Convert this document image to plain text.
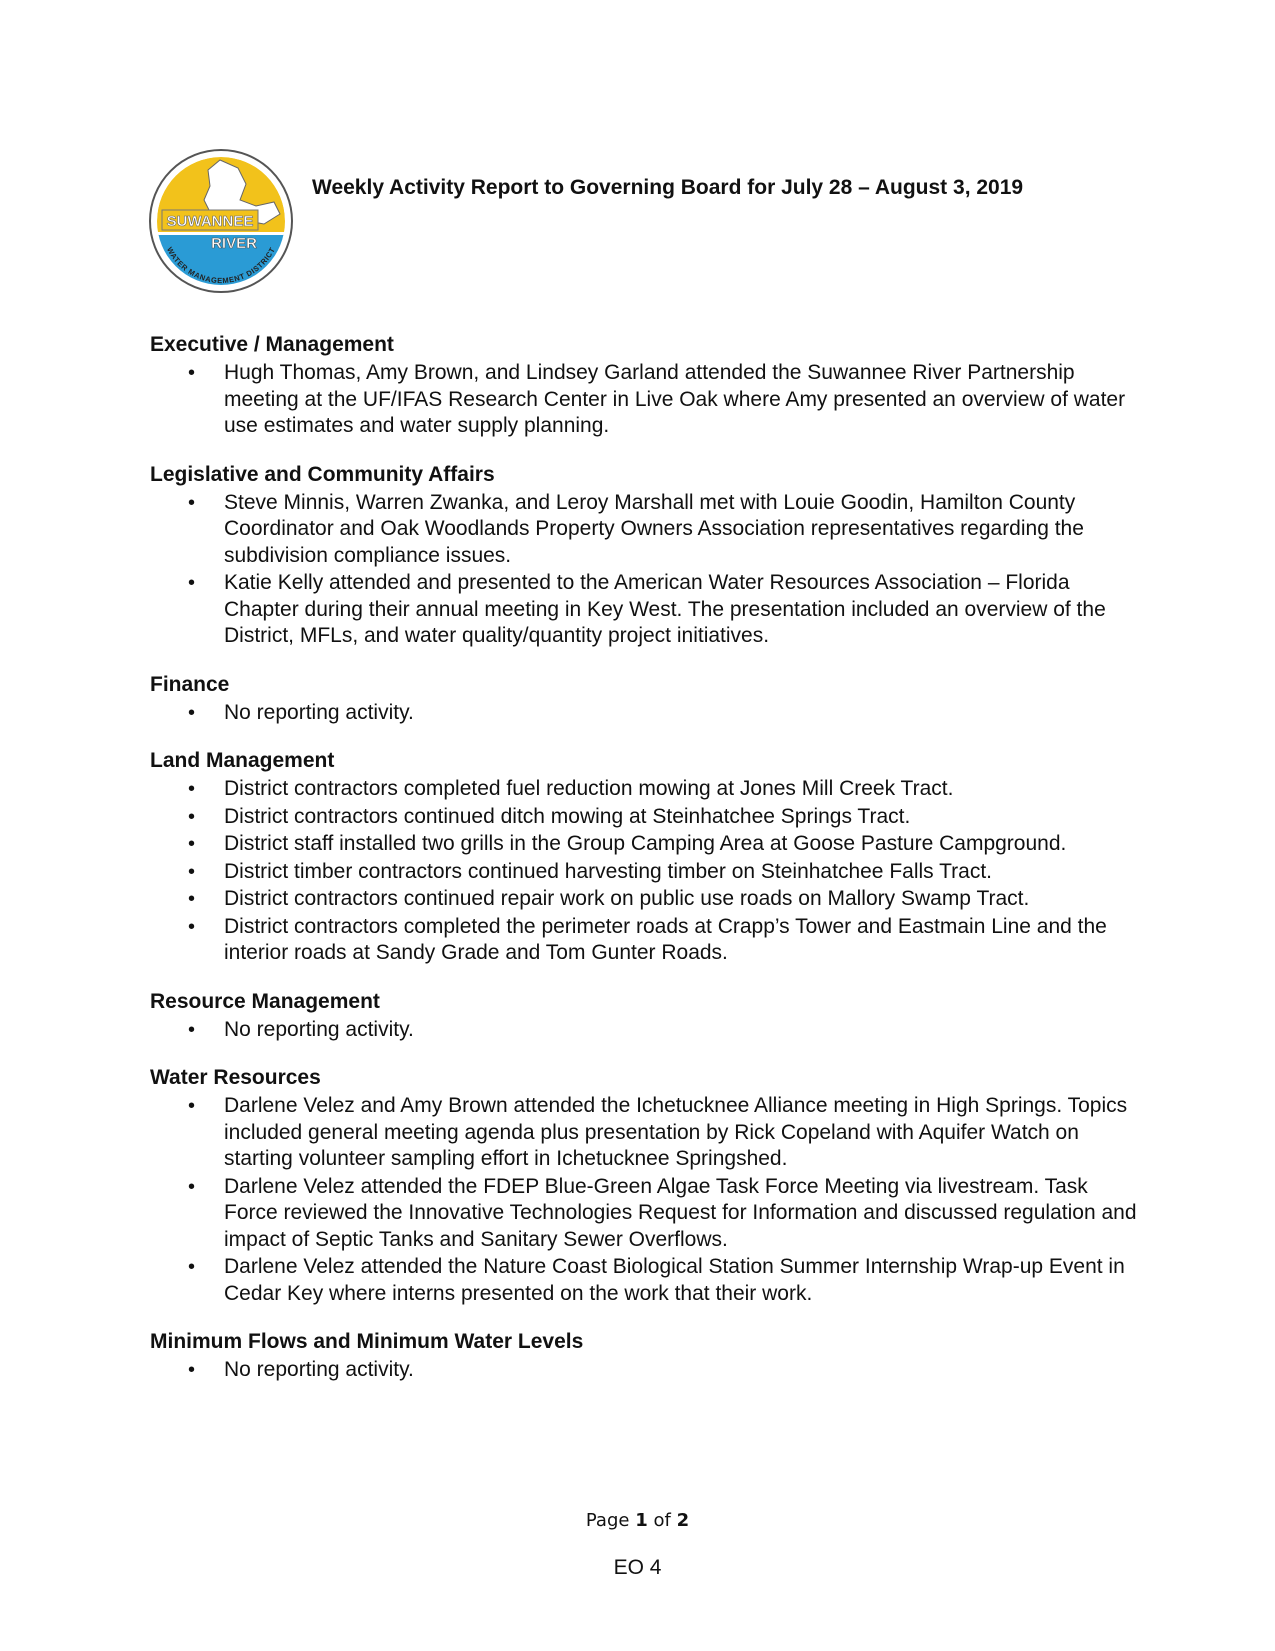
SUWANNEE
RIVER
WATER MANAGEMENT DISTRICT
Weekly Activity Report to Governing Board for July 28 – August 3, 2019
Executive / Management
• Hugh Thomas, Amy Brown, and Lindsey Garland attended the Suwannee River Partnership meeting at the UF/IFAS Research Center in Live Oak where Amy presented an overview of water use estimates and water supply planning.
Legislative and Community Affairs
• Steve Minnis, Warren Zwanka, and Leroy Marshall met with Louie Goodin, Hamilton County Coordinator and Oak Woodlands Property Owners Association representatives regarding the subdivision compliance issues.
• Katie Kelly attended and presented to the American Water Resources Association – Florida Chapter during their annual meeting in Key West. The presentation included an overview of the District, MFLs, and water quality/quantity project initiatives.
Finance
• No reporting activity.
Land Management
• District contractors completed fuel reduction mowing at Jones Mill Creek Tract.
• District contractors continued ditch mowing at Steinhatchee Springs Tract.
• District staff installed two grills in the Group Camping Area at Goose Pasture Campground.
• District timber contractors continued harvesting timber on Steinhatchee Falls Tract.
• District contractors continued repair work on public use roads on Mallory Swamp Tract.
• District contractors completed the perimeter roads at Crapp’s Tower and Eastmain Line and the interior roads at Sandy Grade and Tom Gunter Roads.
Resource Management
• No reporting activity.
Water Resources
• Darlene Velez and Amy Brown attended the Ichetucknee Alliance meeting in High Springs. Topics included general meeting agenda plus presentation by Rick Copeland with Aquifer Watch on starting volunteer sampling effort in Ichetucknee Springshed.
• Darlene Velez attended the FDEP Blue-Green Algae Task Force Meeting via livestream. Task Force reviewed the Innovative Technologies Request for Information and discussed regulation and impact of Septic Tanks and Sanitary Sewer Overflows.
• Darlene Velez attended the Nature Coast Biological Station Summer Internship Wrap-up Event in Cedar Key where interns presented on the work that their work.
Minimum Flows and Minimum Water Levels
• No reporting activity.
Page 1 of 2
EO 4
